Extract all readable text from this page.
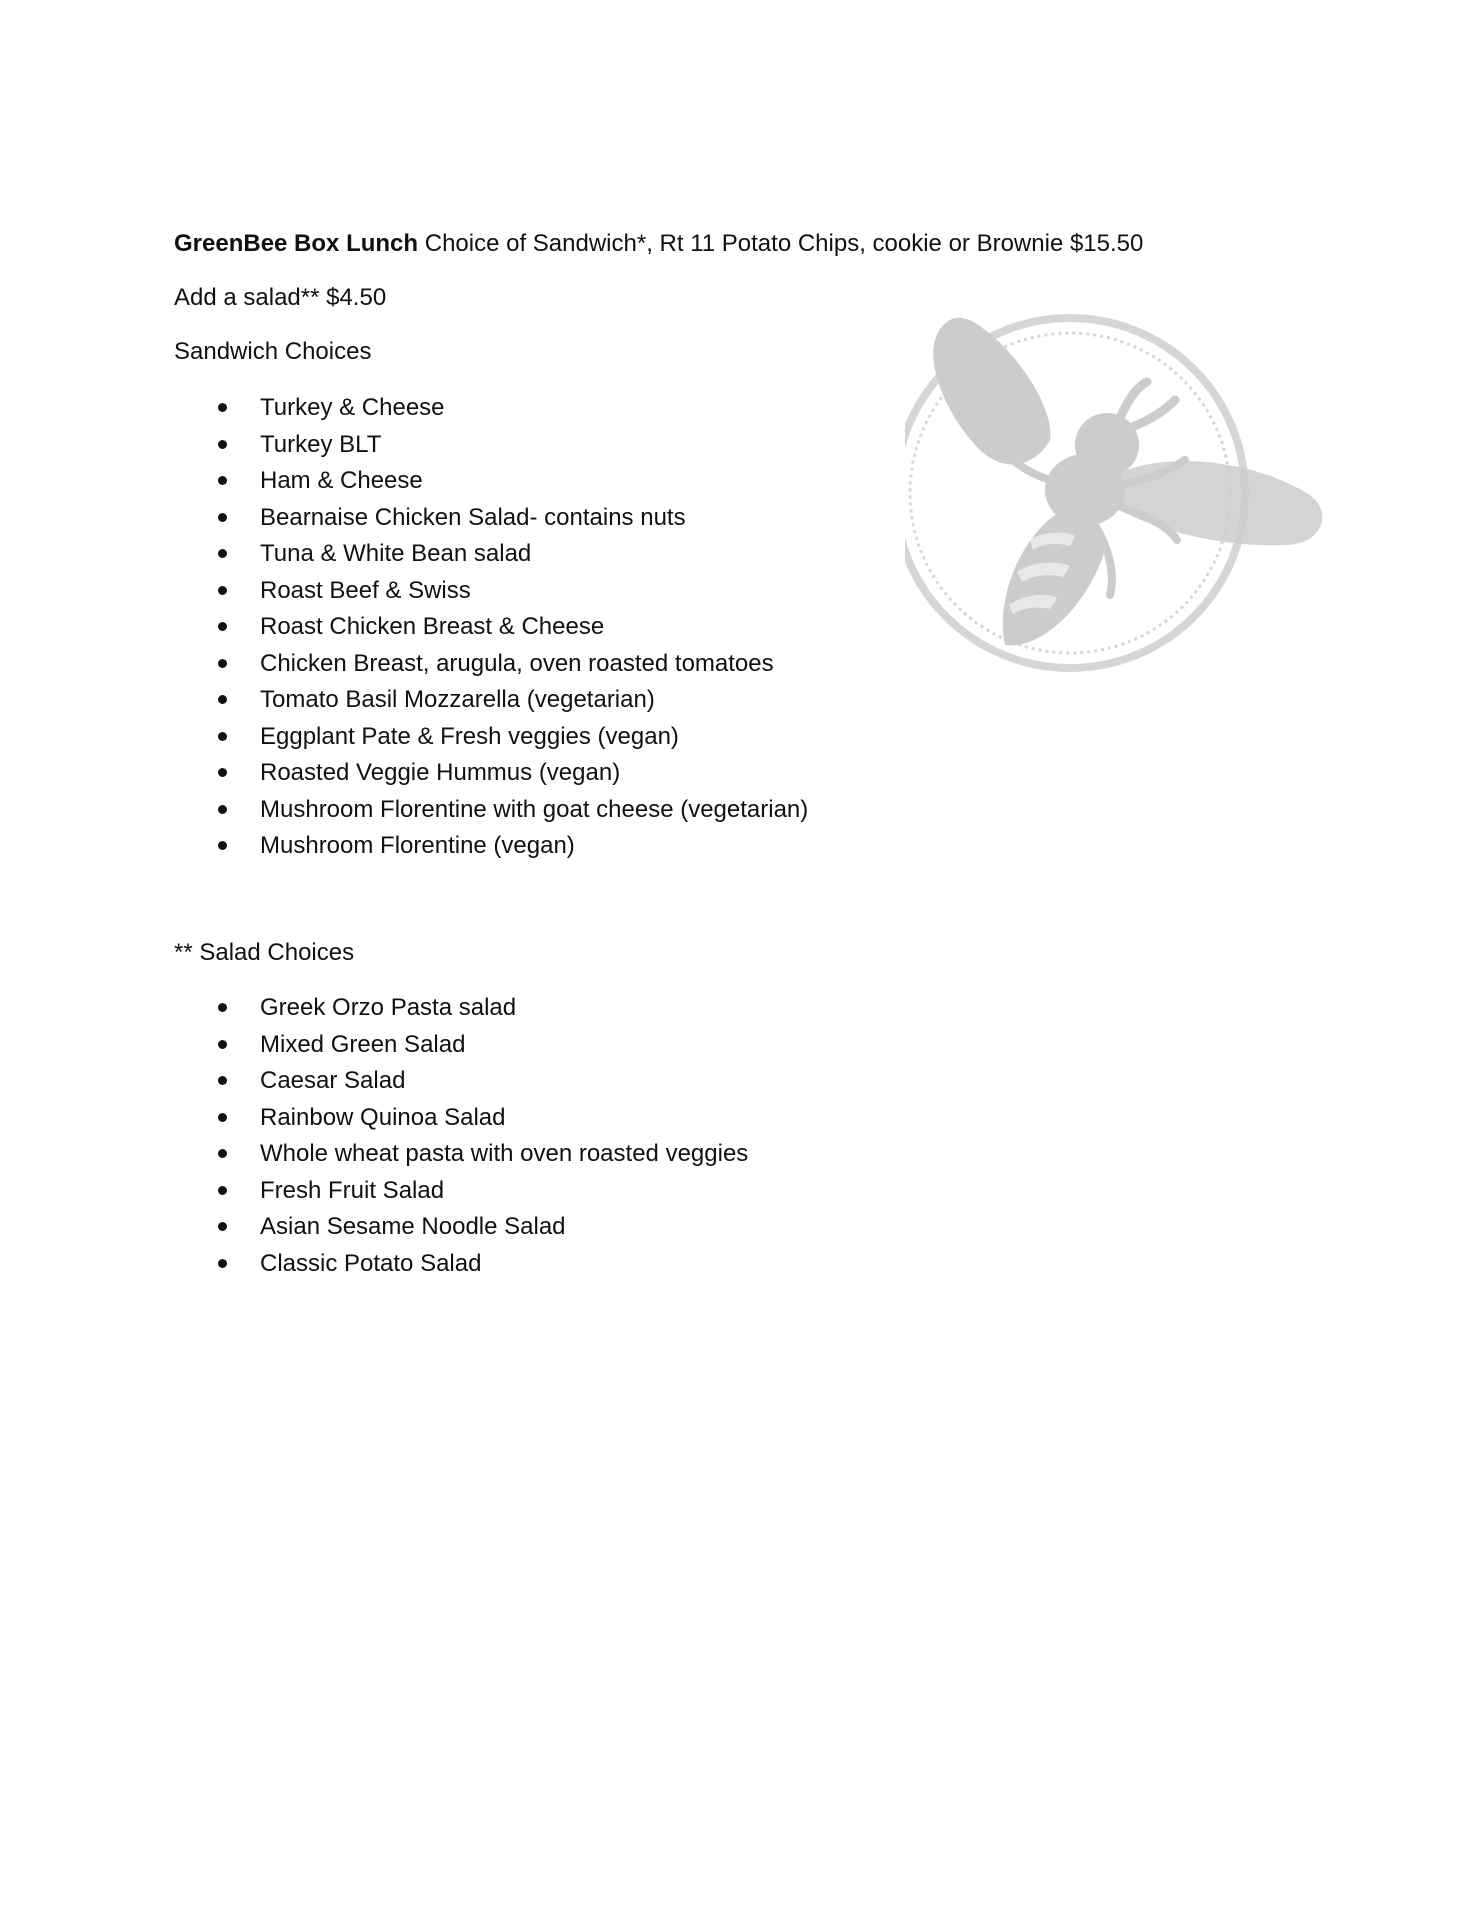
GreenBee Box Lunch Choice of Sandwich*, Rt 11 Potato Chips, cookie or Brownie $15.50
Add a salad** $4.50
Sandwich Choices
Turkey & Cheese
Turkey BLT
Ham & Cheese
Bearnaise Chicken Salad- contains nuts
Tuna & White Bean salad
Roast Beef & Swiss
Roast Chicken Breast & Cheese
Chicken Breast, arugula, oven roasted tomatoes
Tomato Basil Mozzarella (vegetarian)
Eggplant Pate & Fresh veggies (vegan)
Roasted Veggie Hummus (vegan)
Mushroom Florentine with goat cheese (vegetarian)
Mushroom Florentine (vegan)
** Salad Choices
Greek Orzo Pasta salad
Mixed Green Salad
Caesar Salad
Rainbow Quinoa Salad
Whole wheat pasta with oven roasted veggies
Fresh Fruit Salad
Asian Sesame Noodle Salad
Classic Potato Salad
